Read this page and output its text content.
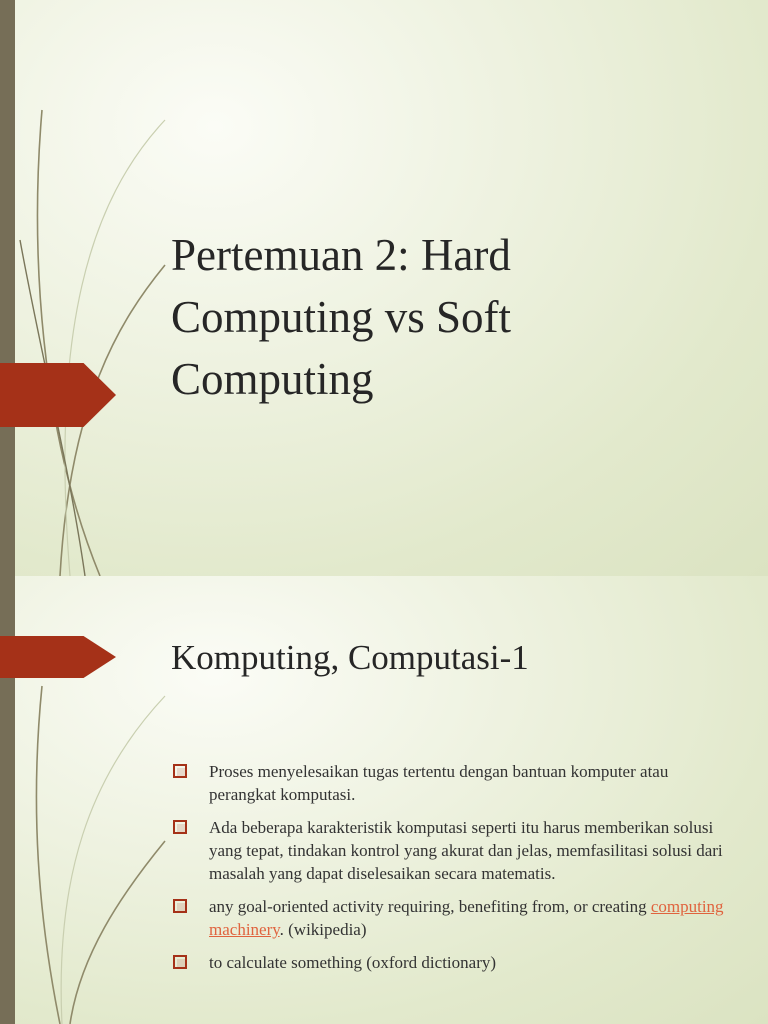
Pertemuan 2: Hard
Computing vs Soft
Computing
Komputing, Computasi-1
Proses menyelesaikan tugas tertentu dengan bantuan komputer atau perangkat komputasi.
Ada beberapa karakteristik komputasi seperti itu harus memberikan solusi yang tepat, tindakan kontrol yang akurat dan jelas, memfasilitasi solusi dari masalah yang dapat diselesaikan secara matematis.
any goal-oriented activity requiring, benefiting from, or creating computing machinery. (wikipedia)
to calculate something (oxford dictionary)
